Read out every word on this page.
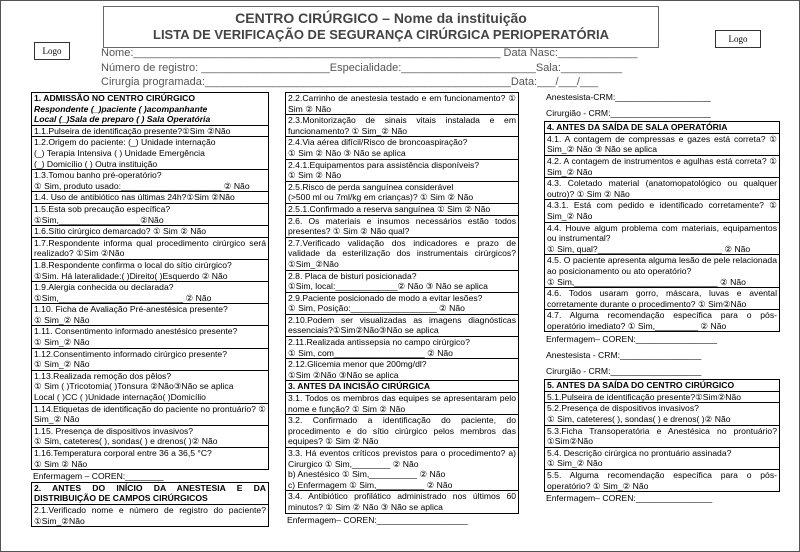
Logo
Logo
CENTRO CIRÚRGICO – Nome da instituição
LISTA DE VERIFICAÇÃO DE SEGURANÇA CIRÚRGICA PERIOPERATÓRIA
Nome:____________________________________________________________ Data Nasc:_____________
Número de registro: _____________________Especialidade:______________________Sala:__________
Cirurgia programada:__________________________________________________Data:___/___/___
1. ADMISSÃO NO CENTRO CIRÚRGICO
Respondente (_)paciente ( )acompanhante
Local (_)Sala de preparo ( ) Sala Operatória
1.1.Pulseira de identificação presente?①Sim ②Não
1.2.Origem do paciente: (_) Unidade internação
(_) Terapia Intensiva ( ) Unidade Emergência
(_) Domicílio ( ) Outra instituição
1.3.Tomou banho pré-operatório?
① Sim, produto usado:_____________________ ② Não
1.4. Uso de antibiótico nas últimas 24h?①Sim ②Não
1.5.Esta sob precaução específica?
①Sim,_________________②Não
1.6.Sítio cirúrgico demarcado? ① Sim ② Não
1.7.Respondente informa qual procedimento cirúrgico será realizado? ①Sim ②Não
1.8.Respondente confirma o local do sítio cirúrgico?
①Sim. Há lateralidade:( )Direito( )Esquerdo ② Não
1.9.Alergia conhecida ou declarada?
①Sim,__________________________ ② Não
1.10. Ficha de Avaliação Pré-anestésica presente?
① Sim_② Não
1.11. Consentimento informado anestésico presente?
① Sim_② Não
1.12.Consentimento informado cirúrgico presente?
① Sim_② Não
1.13.Realizada remoção dos pêlos?
① Sim ( )Tricotomia( )Tonsura ②Não③Não se aplica
Local ( )CC ( )Unidade internação( )Domicílio
1.14.Etiquetas de identificação do paciente no prontuário? ① Sim_② Não
1.15. Presença de dispositivos invasivos?
① Sim, cateteres( ), sondas( ) e drenos( )② Não
1.16.Temperatura corporal entre 36 a 36,5 °C?
① Sim ② Não
Enfermagem – COREN:________
2. ANTES DO INÍCIO DA ANESTESIA E DA DISTRIBUIÇÃO DE CAMPOS CIRÚRGICOS
2.1.Verificado nome e número de registro do paciente? ①Sim_②Não
2.2.Carrinho de anestesia testado e em funcionamento? ① Sim ② Não
2.3.Monitorização de sinais vitais instalada e em funcionamento? ① Sim_② Não
2.4.Via aérea difícil/Risco de broncoaspiração?
① Sim ② Não ③ Não se aplica
2.4.1.Equipamentos para assistência disponíveis?
① Sim ② Não
2.5.Risco de perda sanguínea considerável
(>500 ml ou 7ml/kg em crianças)? ① Sim ② Não
2.5.1.Confirmado a reserva sanguínea ① Sim ② Não
2.6. Os materiais e insumos necessários estão todos presentes? ① Sim ② Não qual?
2.7.Verificado validação dos indicadores e prazo de validade da esterilização dos instrumentais cirúrgicos? ①Sim_②Não
2.8. Placa de bisturi posicionada?
①Sim, local:_____________② Não ③ Não se aplica
2.9.Paciente posicionado de modo a evitar lesões?
① Sim, Posição:__________________ ② Não
2.10.Podem ser visualizadas as imagens diagnósticas essenciais?①Sim②Não③Não se aplica
2.11.Realizada antissepsia no campo cirúrgico?
① Sim, com___________________ ② Não
2.12.Glicemia menor que 200mg/dl?
①Sim ②Não ③Não se aplica
3. ANTES DA INCISÃO CIRÚRGICA
3.1. Todos os membros das equipes se apresentaram pelo nome e função? ① Sim ② Não
3.2. Confirmado a identificação do paciente, do procedimento e do sítio cirúrgico pelos membros das equipes? ① Sim ② Não
3.3. Há eventos críticos previstos para o procedimento? a) Cirurgico ① Sim,________ ② Não
b) Anestésico ① Sim,__________ ② Não
c) Enfermagem ① Sim,__________ ② Não
3.4. Antibiótico profilático administrado nos últimos 60 minutos? ① Sim ② Não ③ Não se aplica
Enfermagem– COREN:___________________
Anestesista-CRM:____________________
Cirurgião - CRM:_____________________
4. ANTES DA SAÍDA DE SALA OPERATÓRIA
4.1. A contagem de compressas e gazes está correta? ① Sim_② Não ③ Não se aplica
4.2. A contagem de instrumentos e agulhas está correta? ① Sim_② Não
4.3. Coletado material (anatomopatológico ou qualquer outro)? ① Sim ② Não
4.3.1. Está com pedido e identificado corretamente? ① Sim_② Não
4.4. Houve algum problema com materiais, equipamentos ou instrumental?
① Sim, qual?__________________________ ② Não
4.5. O paciente apresenta alguma lesão de pele relacionada ao posicionamento ou ato operatório?
① Sim,______________________________ ② Não
4.6. Todos usaram gorro, máscara, luvas e avental corretamente durante o procedimento? ① Sim②Não
4.7. Alguma recomendação específica para o pós-operatório imediato? ① Sim,_________ ② Não
Enfermagem– COREN:_________________
Anestesista - CRM:_________________
Cirurgião - CRM:___________________
5. ANTES DA SAÍDA DO CENTRO CIRÚRGICO
5.1.Pulseira de identificação presente?①Sim②Não
5.2.Presença de dispositivos invasivos?
① Sim, cateteres( ), sondas( ) e drenos( )② Não
5.3.Ficha Transoperatória e Anestésica no prontuário?①Sim②Não
5.4. Descrição cirúrgica no prontuário assinada?
① Sim_② Não
5.5. Alguma recomendação específica para o pós-operatório? ① Sim_② Não
Enfermagem– COREN:________________
